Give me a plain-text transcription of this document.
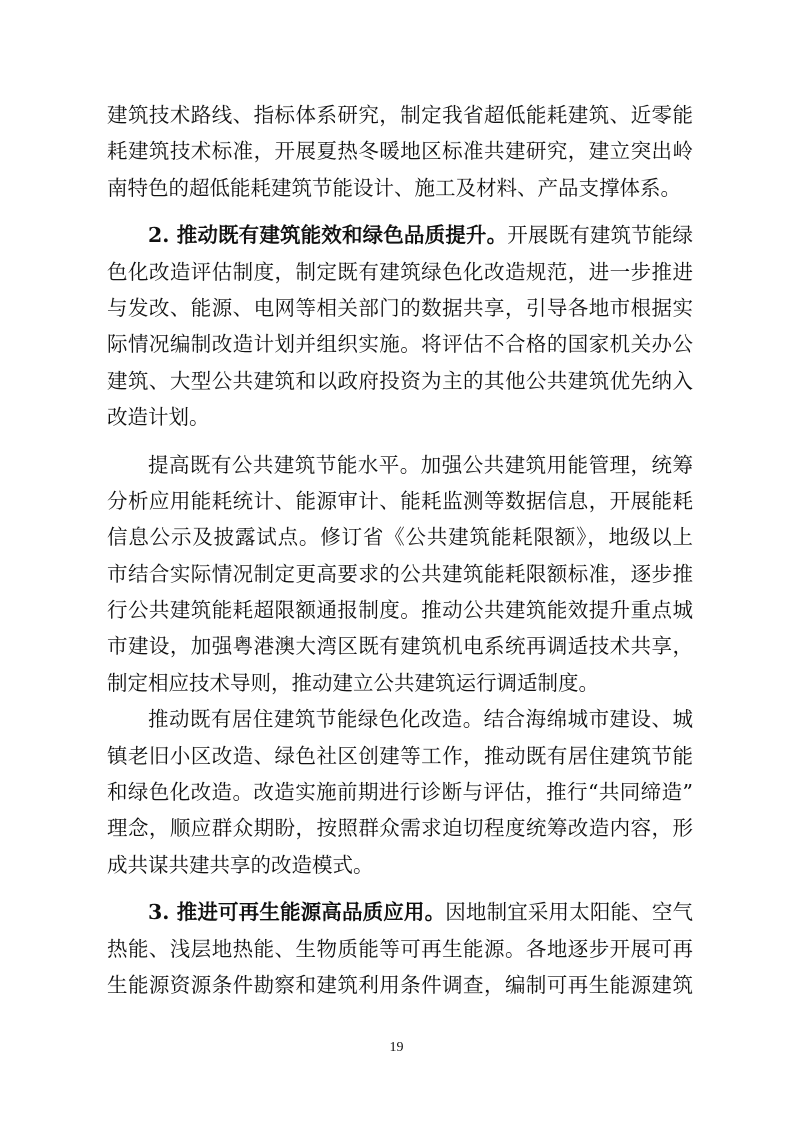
建筑技术路线、指标体系研究，制定我省超低能耗建筑、近零能
耗建筑技术标准，开展夏热冬暖地区标准共建研究，建立突出岭
南特色的超低能耗建筑节能设计、施工及材料、产品支撑体系。
2. 推动既有建筑能效和绿色品质提升。开展既有建筑节能绿
色化改造评估制度，制定既有建筑绿色化改造规范，进一步推进
与发改、能源、电网等相关部门的数据共享，引导各地市根据实
际情况编制改造计划并组织实施。将评估不合格的国家机关办公
建筑、大型公共建筑和以政府投资为主的其他公共建筑优先纳入
改造计划。
提高既有公共建筑节能水平。加强公共建筑用能管理，统筹
分析应用能耗统计、能源审计、能耗监测等数据信息，开展能耗
信息公示及披露试点。修订省《公共建筑能耗限额》，地级以上
市结合实际情况制定更高要求的公共建筑能耗限额标准，逐步推
行公共建筑能耗超限额通报制度。推动公共建筑能效提升重点城
市建设，加强粤港澳大湾区既有建筑机电系统再调适技术共享，
制定相应技术导则，推动建立公共建筑运行调适制度。
推动既有居住建筑节能绿色化改造。结合海绵城市建设、城
镇老旧小区改造、绿色社区创建等工作，推动既有居住建筑节能
和绿色化改造。改造实施前期进行诊断与评估，推行“共同缔造”
理念，顺应群众期盼，按照群众需求迫切程度统筹改造内容，形
成共谋共建共享的改造模式。
3. 推进可再生能源高品质应用。因地制宜采用太阳能、空气
热能、浅层地热能、生物质能等可再生能源。各地逐步开展可再
生能源资源条件勘察和建筑利用条件调查，编制可再生能源建筑
19
